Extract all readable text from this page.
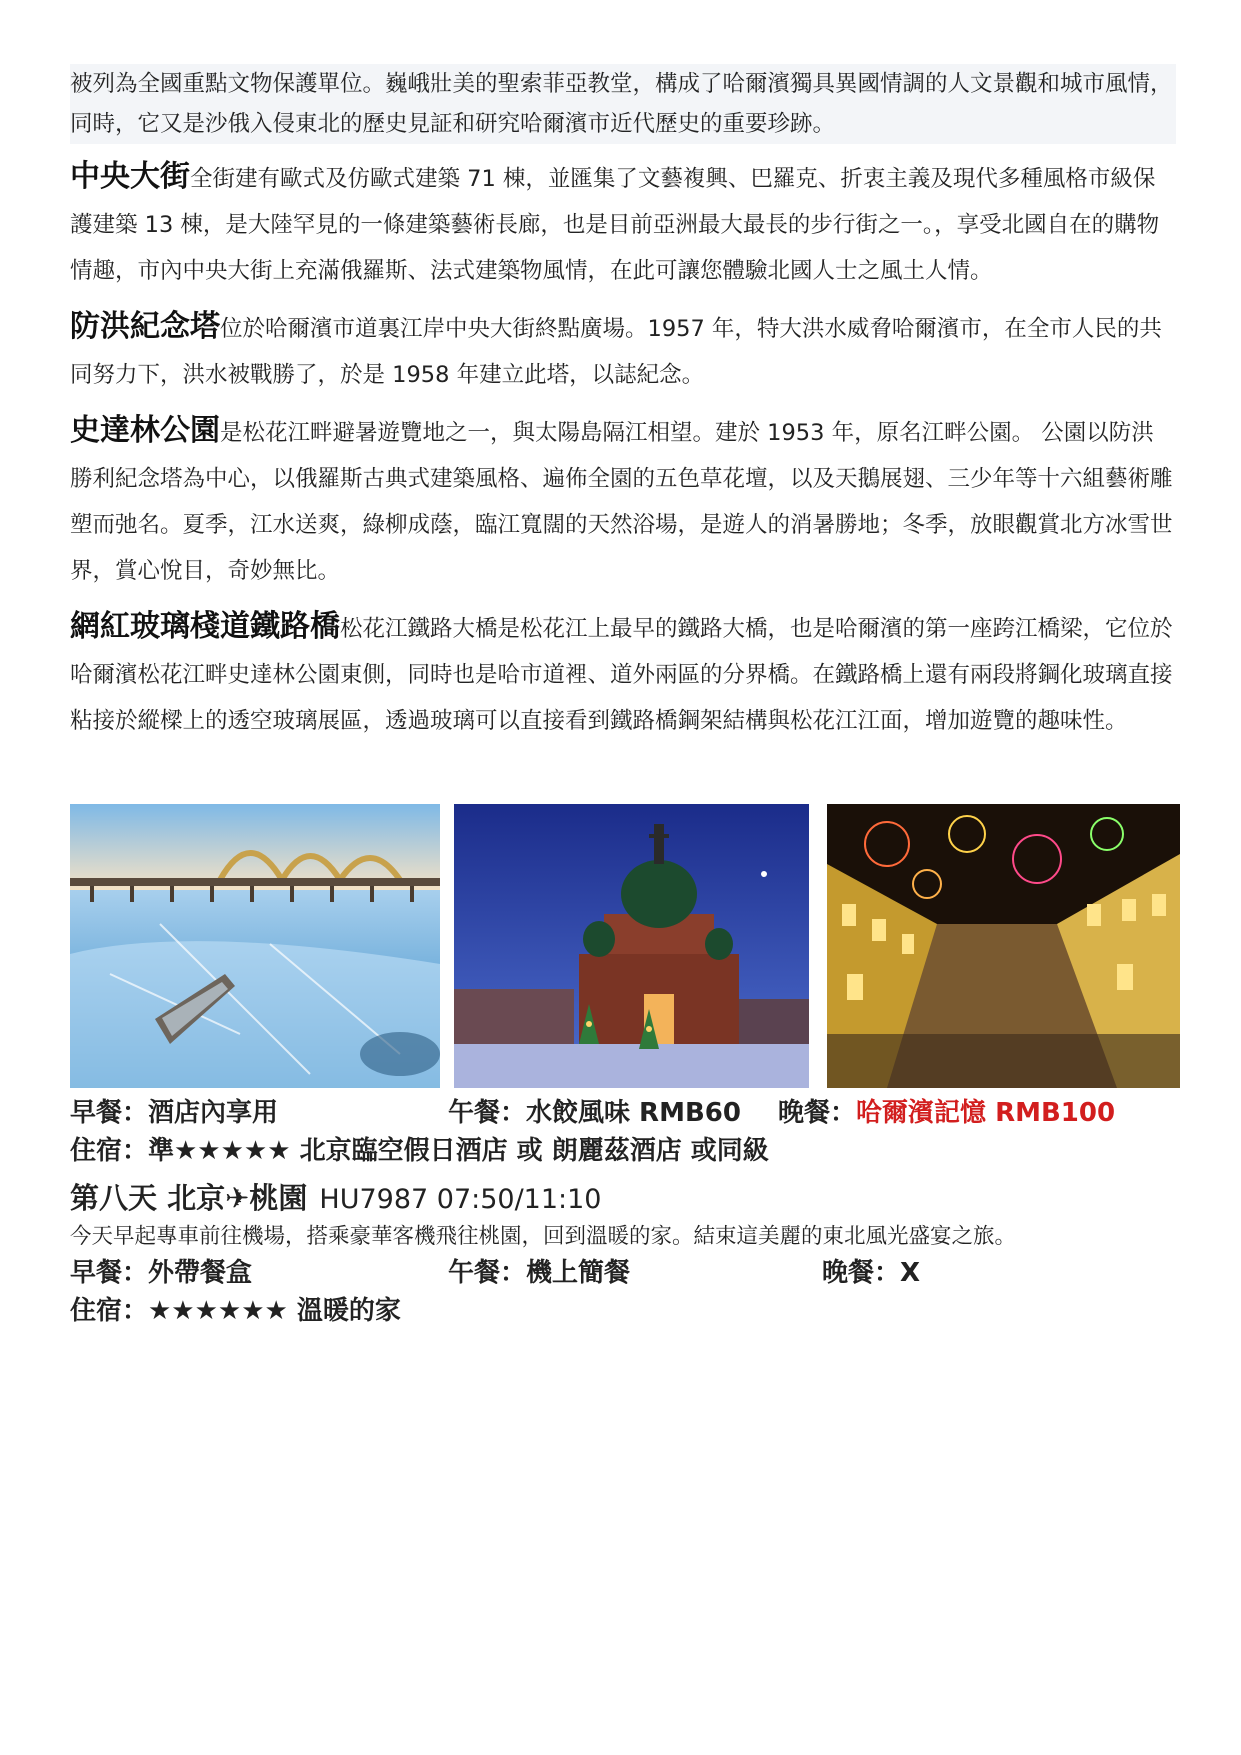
被列為全國重點文物保護單位。巍峨壯美的聖索菲亞教堂，構成了哈爾濱獨具異國情調的人文景觀和城市風情，同時，它又是沙俄入侵東北的歷史見証和研究哈爾濱市近代歷史的重要珍跡。

中央大街全街建有歐式及仿歐式建築 71 棟，並匯集了文藝複興、巴羅克、折衷主義及現代多種風格市級保護建築 13 棟，是大陸罕見的一條建築藝術長廊，也是目前亞洲最大最長的步行街之一。，享受北國自在的購物情趣，市內中央大街上充滿俄羅斯、法式建築物風情，在此可讓您體驗北國人士之風土人情。

防洪紀念塔位於哈爾濱市道裏江岸中央大街終點廣場。1957 年，特大洪水威脅哈爾濱市，在全市人民的共同努力下，洪水被戰勝了，於是 1958 年建立此塔，以誌紀念。

史達林公園是松花江畔避暑遊覽地之一，與太陽島隔江相望。建於 1953 年，原名江畔公園。 公園以防洪勝利紀念塔為中心，以俄羅斯古典式建築風格、遍佈全園的五色草花壇，以及天鵝展翅、三少年等十六組藝術雕塑而弛名。夏季，江水送爽，綠柳成蔭，臨江寬闊的天然浴場，是遊人的消暑勝地；冬季，放眼觀賞北方冰雪世界，賞心悅目，奇妙無比。

網紅玻璃棧道鐵路橋松花江鐵路大橋是松花江上最早的鐵路大橋，也是哈爾濱的第一座跨江橋梁，它位於哈爾濱松花江畔史達林公園東側，同時也是哈市道裡、道外兩區的分界橋。在鐵路橋上還有兩段將鋼化玻璃直接粘接於縱樑上的透空玻璃展區，透過玻璃可以直接看到鐵路橋鋼架結構與松花江江面，增加遊覽的趣味性。

早餐：酒店內享用	午餐：水餃風味 RMB60 晚餐：哈爾濱記憶 RMB100
住宿：準★★★★★ 北京臨空假日酒店 或 朗麗茲酒店 或同級
第八天 北京✈桃園 HU7987 07:50/11:10
今天早起專車前往機場，搭乘豪華客機飛往桃園，回到溫暖的家。結束這美麗的東北風光盛宴之旅。
早餐：外帶餐盒	午餐：機上簡餐	晚餐：X
住宿：★★★★★★ 溫暖的家
